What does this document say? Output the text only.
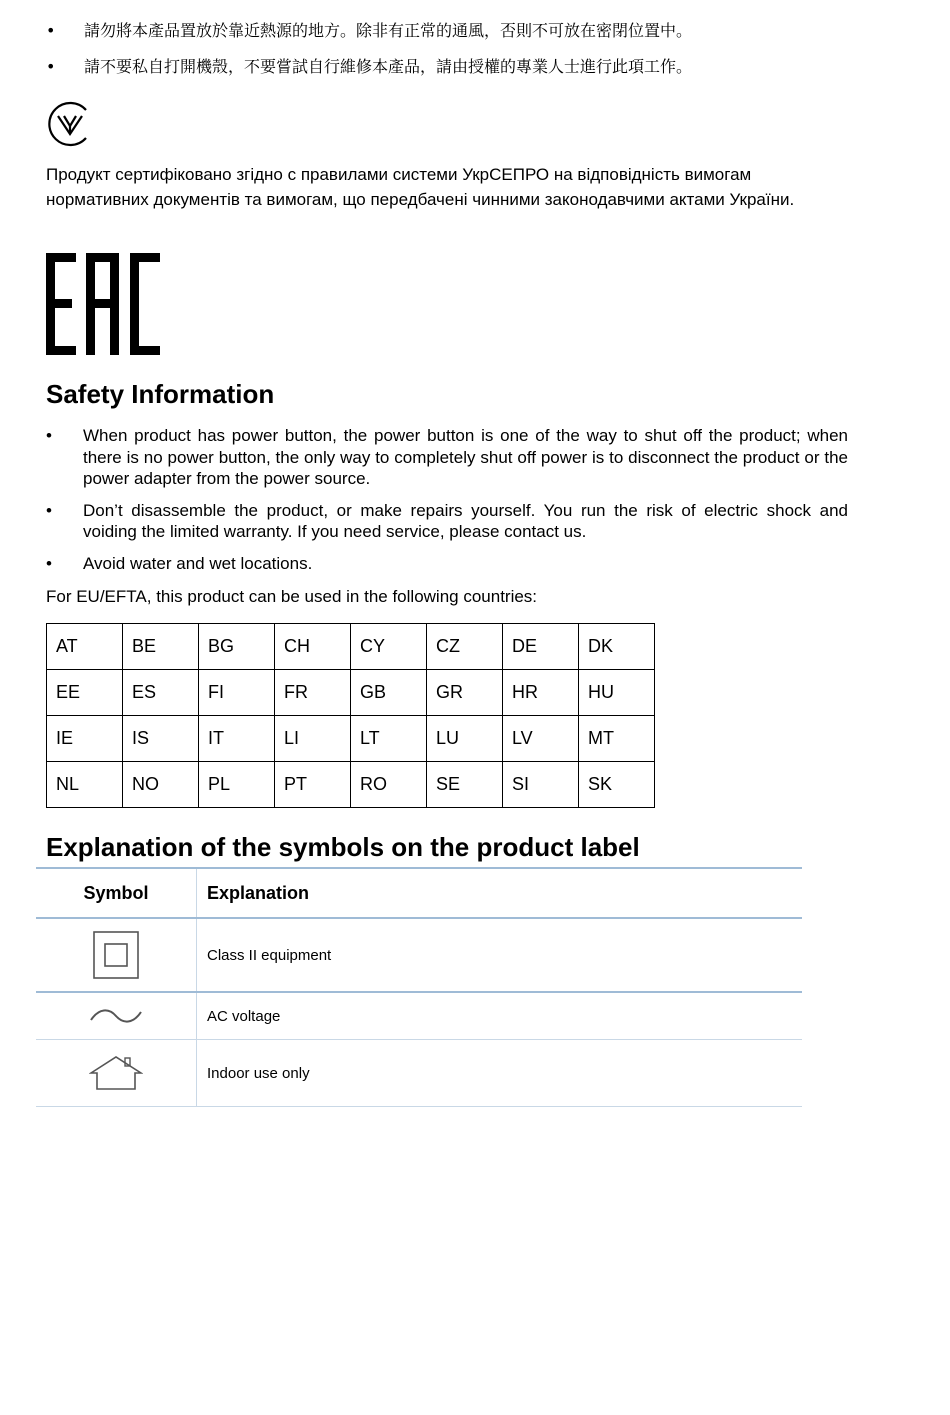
• 請勿將本產品置放於靠近熱源的地方。除非有正常的通風，否則不可放在密閉位置中。
• 請不要私自打開機殼，不要嘗試自行維修本產品，請由授權的專業人士進行此項工作。

Продукт сертифіковано згідно с правилами системи УкрСЕПРО на відповідність вимогам нормативних документів та вимогам, що передбачені чинними законодавчими актами України.

Safety Information
• When product has power button, the power button is one of the way to shut off the product; when there is no power button, the only way to completely shut off power is to disconnect the product or the power adapter from the power source.
• Don’t disassemble the product, or make repairs yourself. You run the risk of electric shock and voiding the limited warranty. If you need service, please contact us.
• Avoid water and wet locations.

For EU/EFTA, this product can be used in the following countries:

AT	BE	BG	CH	CY	CZ	DE	DK
EE	ES	FI	FR	GB	GR	HR	HU
IE	IS	IT	LI	LT	LU	LV	MT
NL	NO	PL	PT	RO	SE	SI	SK
Explanation of the symbols on the product label
Symbol	Explanation
	Class II equipment
	AC voltage
	Indoor use only
